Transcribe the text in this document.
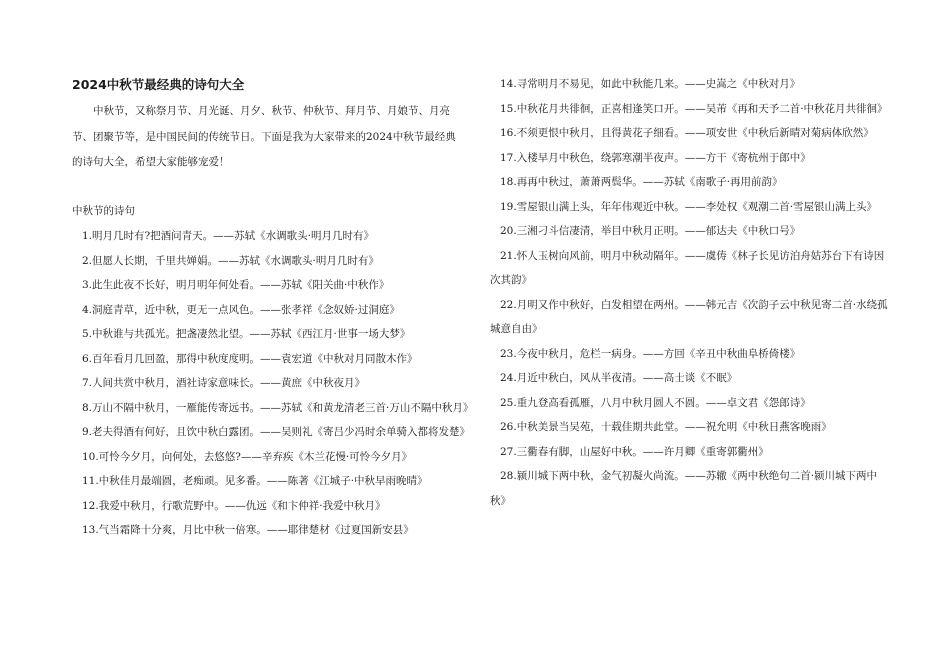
2024中秋节最经典的诗句大全

中秋节，又称祭月节、月光诞、月夕、秋节、仲秋节、拜月节、月娘节、月亮节、团聚节等，是中国民间的传统节日。下面是我为大家带来的2024中秋节最经典的诗句大全，希望大家能够宠爱！

中秋节的诗句
1.明月几时有?把酒问青天。——苏轼《水调歌头·明月几时有》
2.但愿人长期，千里共婵娟。——苏轼《水调歌头·明月几时有》
3.此生此夜不长好，明月明年何处看。——苏轼《阳关曲·中秋作》
4.洞庭青草，近中秋，更无一点风色。——张孝祥《念奴娇·过洞庭》
5.中秋谁与共孤光。把盏凄然北望。——苏轼《西江月·世事一场大梦》
6.百年看月几回盈，那得中秋度度明。——袁宏道《中秋对月同散木作》
7.人间共赏中秋月，酒社诗家意味长。——黄庶《中秋夜月》
8.万山不隔中秋月，一雁能传寄远书。——苏轼《和黄龙清老三首·万山不隔中秋月》
9.老夫得酒有何好，且饮中秋白露团。——吴则礼《寄吕少冯时余单骑入都将发楚》
10.可怜今夕月，向何处，去悠悠?——辛弃疾《木兰花慢·可怜今夕月》
11.中秋佳月最端圆，老痴顽。见多番。——陈著《江城子·中秋早雨晚晴》
12.我爱中秋月，行歌荒野中。——仇远《和卞仲祥·我爱中秋月》
13.气当霜降十分爽，月比中秋一倍寒。——耶律楚材《过夏国新安县》
14.寻常明月不易见，如此中秋能几来。——史嵩之《中秋对月》
15.中秋花月共徘徊，正喜相逢笑口开。——吴芾《再和天予二首·中秋花月共徘徊》
16.不须更恨中秋月，且得黄花子细看。——项安世《中秋后新晴对菊病体欣然》
17.入楼早月中秋色，绕郭寒潮半夜声。——方干《寄杭州于郎中》
18.再再中秋过，萧萧两鬓华。——苏轼《南歌子·再用前韵》
19.雪屋银山满上头，年年伟观近中秋。——李处权《观潮二首·雪屋银山满上头》
20.三湘刁斗信凄清，举目中秋月正明。——郁达夫《中秋口号》
21.怀人玉树向风前，明月中秋动隔年。——虞俦《林子长见访泊舟姑苏台下有诗因次其韵》
22.月明又作中秋好，白发相望在两州。——韩元吉《次韵子云中秋见寄二首·水绕孤城意自由》
23.今夜中秋月，危栏一病身。——方回《辛丑中秋曲阜桥倚楼》
24.月近中秋白，风从半夜清。——高士谈《不眠》
25.重九登高看孤雁，八月中秋月圆人不圆。——卓文君《怨郎诗》
26.中秋美景当吴苑，十载佳期共此堂。——祝允明《中秋日燕客晚雨》
27.三衢春有脚，山屋好中秋。——许月卿《重寄郭衢州》
28.颍川城下两中秋，金气初凝火尚流。——苏辙《两中秋绝句二首·颍川城下两中秋》
